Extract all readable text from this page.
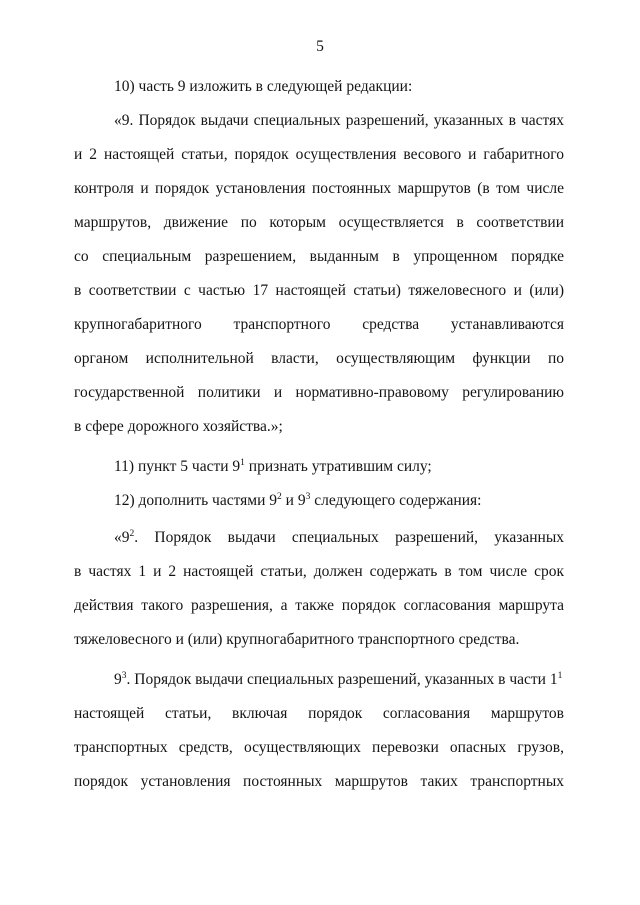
5

10) часть 9 изложить в следующей редакции:

«9. Порядок выдачи специальных разрешений, указанных в частях
и 2 настоящей статьи, порядок осуществления весового и габаритного
контроля и порядок установления постоянных маршрутов (в том числе
маршрутов, движение по которым осуществляется в соответствии
со специальным разрешением, выданным в упрощенном порядке
в соответствии с частью 17 настоящей статьи) тяжеловесного и (или)
крупногабаритного транспортного средства устанавливаются
органом исполнительной власти, осуществляющим функции по
государственной политики и нормативно-правовому регулированию
в сфере дорожного хозяйства.»;

11) пункт 5 части $9^1$ признать утратившим силу;

12) дополнить частями $9^2$ и $9^3$ следующего содержания:

«$9^2$. Порядок выдачи специальных разрешений, указанных
в частях 1 и 2 настоящей статьи, должен содержать в том числе срок
действия такого разрешения, а также порядок согласования маршрута
тяжеловесного и (или) крупногабаритного транспортного средства.

$9^3$. Порядок выдачи специальных разрешений, указанных в части $1^1$
настоящей статьи, включая порядок согласования маршрутов
транспортных средств, осуществляющих перевозки опасных грузов,
порядок установления постоянных маршрутов таких транспортных
